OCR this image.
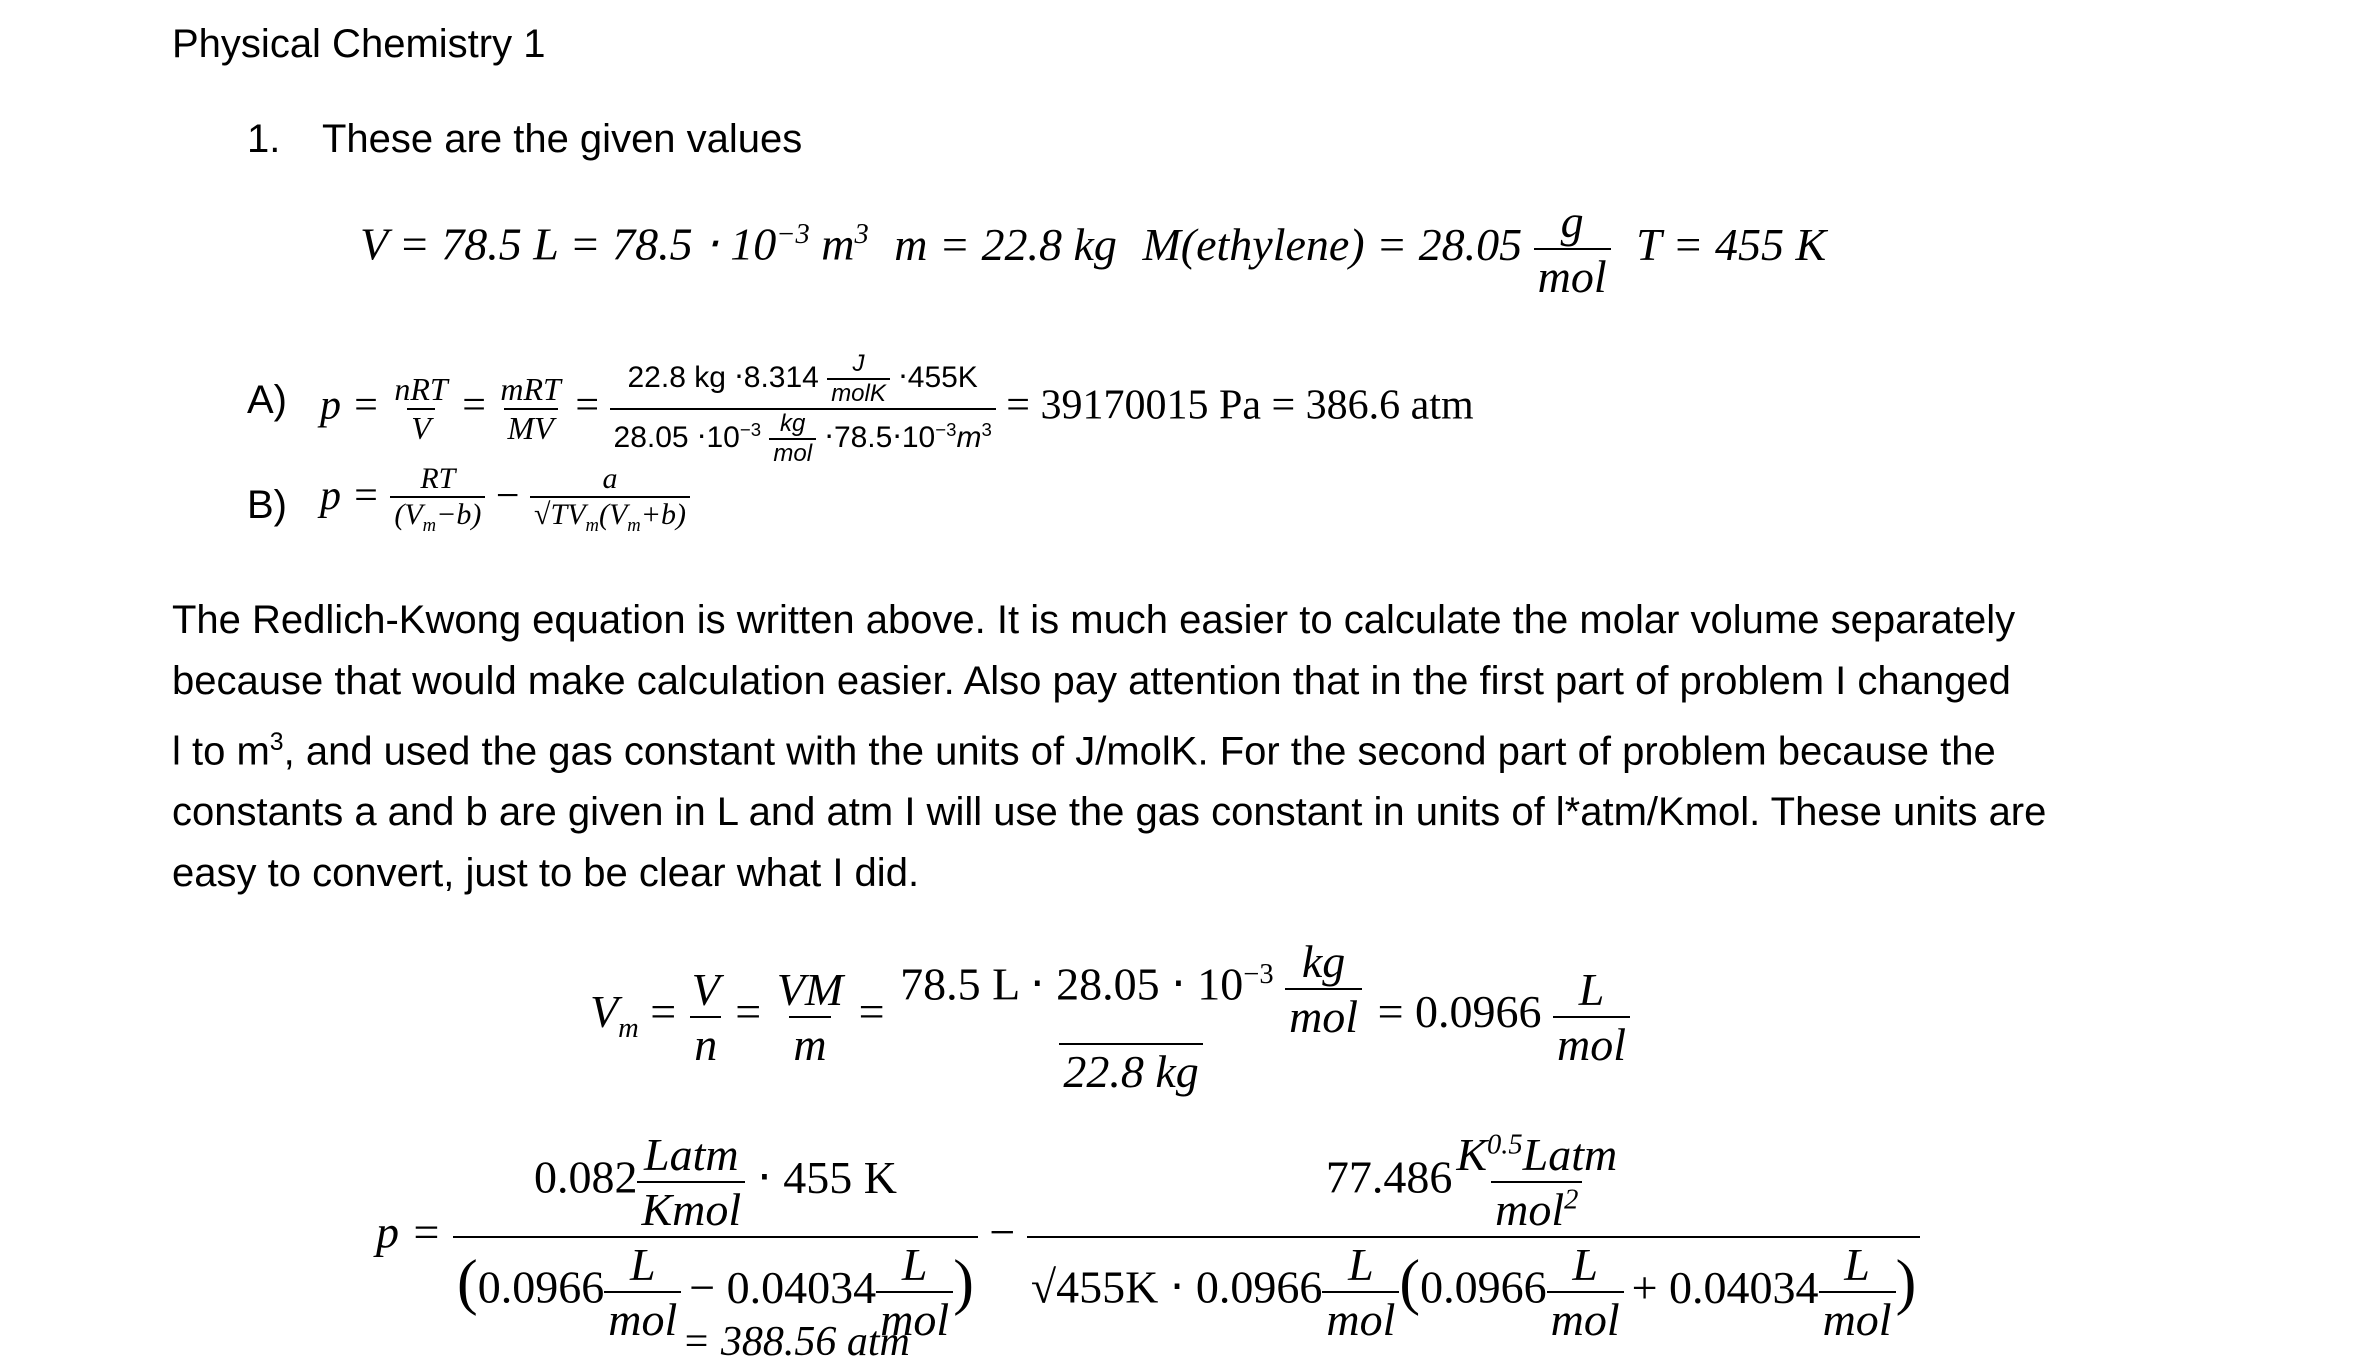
Physical Chemistry 1
1. These are the given values
V = 78.5 $L = 78.5 \cdot 10^{-3}$ $m^3$ m = 22.8 kg M(ethylene) = $28.05 \frac{g}{\text{mol}}$ T = 455 K
A) $p = \frac{\text{nRT}}{V} = \frac{\text{mRT}}{MV}$ =
22.8 kg $\cdot 8.314 \frac{J}{\text{molK}} \cdot 455K$
$28.05 \cdot 10^{-3} \frac{kg}{\text{mol}} \cdot 78.5\cdot 10^{-3}m^3$
= 39170015 Pa = 386.6 atm
B) $p = \frac{RT}{(V_m-b)} - \frac{a}{√TV_m(V_m+b)}$
The Redlich-Kwong equation is written above. It is much easier to calculate the molar volume separately
because that would make calculation easier. Also pay attention that in the first part of problem I changed
l to $m^3$, and used the gas constant with the units of J/molK. For the second part of problem because the
constants a and b are given in L and atm I will use the gas constant in units of l*atm/Kmol. These units are
easy to convert, just to be clear what I did.
$V_m = \frac{V}{n} = \frac{VM}{m} = \frac{78.5 L \cdot 28.05 \cdot 10^{-3} \frac{kg}{\text{mol}}}{22.8 kg} = 0.0966 \frac{L}{\text{mol}}$
$p = \frac{0.082 \frac{\text{Latm}}{\text{Kmol}} \cdot 455 K}{(0.0966 \frac{L}{\text{mol}} - 0.04034 \frac{L}{\text{mol}} )} - \frac{77.486 \frac{K^{0.5}Latm}{mol^2}}{√455K \cdot 0.0966 \frac{L}{\text{mol}} (0.0966 \frac{L}{\text{mol}} + 0.04034 \frac{L}{\text{mol}} )}$
= 388.56 atm
